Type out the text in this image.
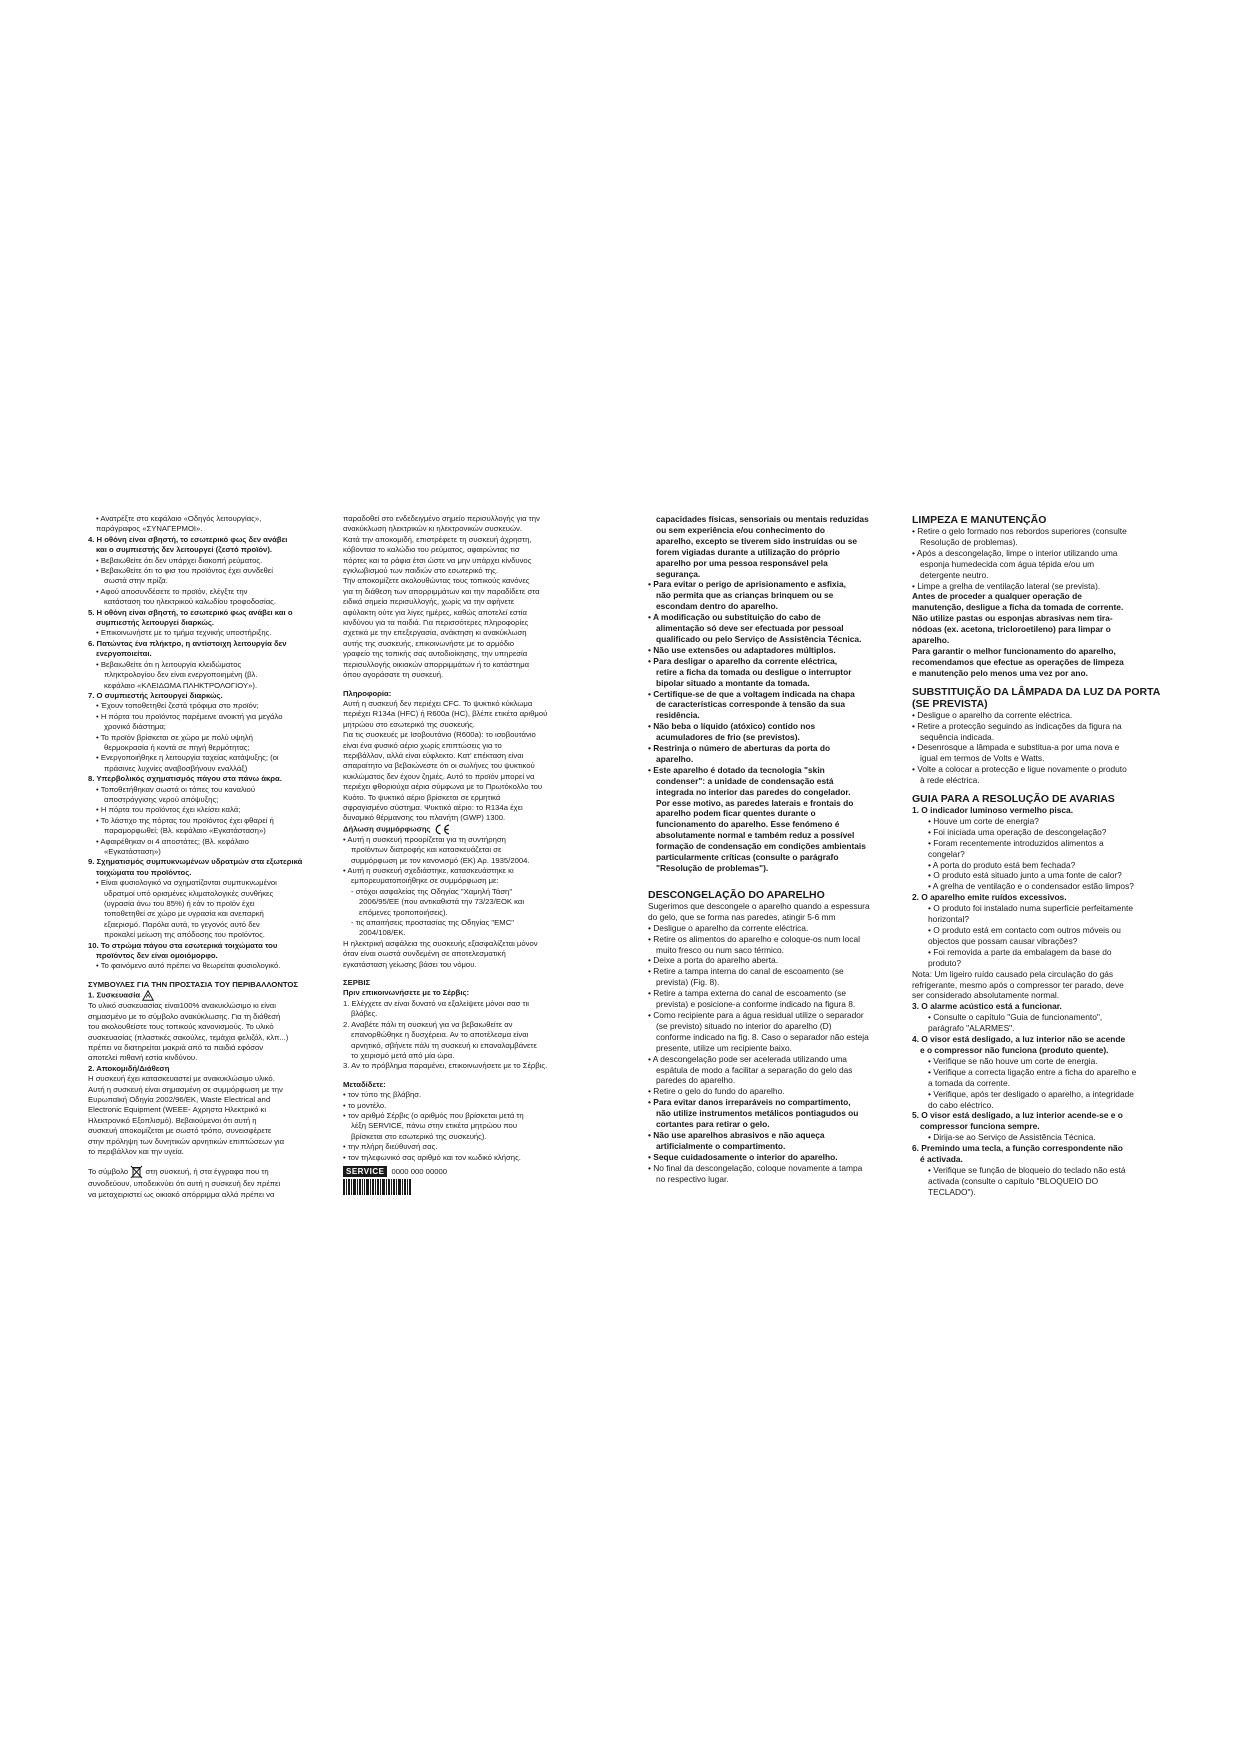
• Ανατρέξτε στο κεφάλαιο «Οδηγός λειτουργίας»,
παράγραφος «ΣΥΝΑΓΕΡΜΟΙ».
4. Η οθόνη είναι σβηστή, το εσωτερικό φως δεν ανάβει
και ο συμπιεστής δεν λειτουργεί (ζεστό προϊόν).
• Βεβαιωθείτε ότι δεν υπάρχει διακοπή ρεύματος.
• Βεβαιωθείτε ότι το φισ του προϊόντος έχει συνδεθεί
σωστά στην πρίζα.
• Αφού αποσυνδέσετε το προϊόν, ελέγξτε την
κατάσταση του ηλεκτρικού καλωδίου τροφοδοσίας.
5. Η οθόνη είναι σβηστή, το εσωτερικό φως ανάβει και ο
συμπιεστής λειτουργεί διαρκώς.
• Επικοινωνήστε με το τμήμα τεχνικής υποστήριξης.
6. Πατώντας ένα πλήκτρο, η αντίστοιχη λειτουργία δεν
ενεργοποιείται.
• Βεβαιωθείτε ότι η λειτουργία κλειδώματος
πληκτρολογίου δεν είναι ενεργοποιημένη (βλ.
κεφάλαιο «ΚΛΕΙΔΩΜΑ ΠΛΗΚΤΡΟΛΟΓΙΟΥ»).
7. Ο συμπιεστής λειτουργεί διαρκώς.
• Έχουν τοποθετηθεί ζεστά τρόφιμα στο προϊόν;
• Η πόρτα του προϊόντος παρέμεινε ανοικτή για μεγάλο
χρονικό διάστημα;
• Το προϊόν βρίσκεται σε χώρο με πολύ υψηλή
θερμοκρασία ή κοντά σε πηγή θερμότητας;
• Ενεργοποιήθηκε η λειτουργία ταχείας κατάψυξης; (οι
πράσινες λυχνίες αναβοσβήνουν εναλλάξ)
8. Υπερβολικός σχηματισμός πάγου στα πάνω άκρα.
• Τοποθετήθηκαν σωστά οι τάπες του καναλιού
αποστράγγισης νερού απόψυξης;
• Η πόρτα του προϊόντος έχει κλείσει καλά;
• Το λάστιχο της πόρτας του προϊόντος έχει φθαρεί ή
παραμορφωθεί; (Βλ. κεφάλαιο «Εγκατάσταση»)
• Αφαιρέθηκαν οι 4 αποστάτες; (Βλ. κεφάλαιο
«Εγκατάσταση»)
9. Σχηματισμός συμπυκνωμένων υδρατμών στα εξωτερικά
τοιχώματα του προϊόντος.
• Είναι φυσιολογικό να σχηματίζονται συμπυκνωμένοι
υδρατμοί υπό ορισμένες κλιματολογικές συνθήκες
(υγρασία άνω του 85%) ή εάν το προϊόν έχει
τοποθετηθεί σε χώρο με υγρασία και ανεπαρκή
εξαερισμό. Παρόλα αυτά, το γεγονός αυτό δεν
προκαλεί μείωση της απόδοσης του προϊόντος.
10. Το στρώμα πάγου στα εσωτερικά τοιχώματα του
προϊόντος δεν είναι ομοιόμορφο.
• Το φαινόμενο αυτό πρέπει να θεωρείται φυσιολογικό.
ΣΥΜΒΟΥΛΕΣ ΓΙΑ ΤΗΝ ΠΡΟΣΤΑΣΙΑ ΤΟΥ ΠΕΡΙΒΑΛΛΟΝΤΟΣ
1. Συσκευασία
Το υλικό συσκευασίας είναι100% ανακυκλώσιμο κι είναι
σημασμένο με το σύμβολο ανακύκλωσης. Για τη διάθεσή
του ακολουθείστε τους τοπικούς κανονισμούς. Το υλικό
συσκευασίας (πλαστικές σακούλες, τεμάχια φελιζόλ, κλπ...)
πρέπει να διατηρείται μακριά από τα παιδιά εφόσον
αποτελεί πιθανή εστία κινδύνου.
2. Αποκομιδή/Διάθεση
Η συσκευή έχει κατασκευαστεί με ανακυκλώσιμο υλικό.
Αυτή η συσκευή είναι σημασμένη σε συμμόρφωση με την
Ευρωπαϊκή Οδηγία 2002/96/ΕΚ, Waste Electrical and
Electronic Equipment (WEEE- Αχρηστα Ηλεκτρικό κι
Ηλεκτρονικό Εξοπλισμό). Βεβαιούμενοι ότι αυτή η
συσκευή αποκομίζεται με σωστό τρόπο, συνεισφέρετε
στην πρόληψη των δυνητικών αρνητικών επιπτώσεων για
το περιβάλλον και την υγεία.
Το σύμβολο  στη συσκευή, ή στα έγγραφα που τη
συνοδεύουν, υποδεικνύει ότι αυτή η συσκευή δεν πρέπει
να μεταχειριστεί ως οικιακό απόρριμμα αλλά πρέπει να
παραδοθεί στο ενδεδειγμένο σημείο περισυλλογής για την
ανακύκλωση ηλεκτρικών κι ηλεκτρονικών συσκευών.
Κατά την αποκομιδή, επιστρέφετε τη συσκευή άχρηστη,
κόβοντασ το καλώδιο του ρεύματος, αφαιρώντας τισ
πόρτες και τα ράφια έτσι ώστε να μην υπάρχει κίνδυνος
εγκλωβισμού των παιδιών στο εσωτερικό της.
Την αποκομίζετε ακολουθώντας τους τοπικούς κανόνες
για τη διάθεση των απορριμμάτων και την παραδίδετε στα
ειδικά σημεία περισυλλογής, χωρίς να την αφήνετε
αφύλακτη ούτε για λίγες ημέρες, καθώς αποτελεί εστία
κινδύνου για τα παιδιά. Για περισσότερες πληροφορίες
σχετικά με την επεξεργασία, ανάκτηση κι ανακύκλωση
αυτής της συσκευής, επικοινωνήστε με το αρμόδιο
γραφείο της τοπικής σας αυτοδιοίκησης, την υπηρεσία
περισυλλογής οικιακών απορριμμάτων ή το κατάστημα
όπου αγοράσατε τη συσκευή.
Πληροφορία:
Αυτή η συσκευή δεν περιέχει CFC. Το ψυκτικό κύκλωμα
περιέχει R134a (HFC) ή R600a (HC), βλέπε ετικέτα αριθμού
μητρώου στο εσωτερικό της συσκευής.
Για τις συσκευές με Ισοβουτάνιο (R600a): το ισοβουτάνιο
είναι ένα φυσικό αέριο χωρίς επιπτώσεις για το
περιβάλλον, αλλά είναι εύφλεκτο. Κατ' επέκταση είναι
απαραίτητο να βεβαιώνεστε ότι οι σωλήνες του ψυκτικού
κυκλώματος δεν έχουν ζημιές. Αυτό το προϊόν μπορεί να
περιέχει φθοριούχα αέρια σύμφωνα με το Πρωτόκολλο του
Κυότο. Το ψυκτικό αέριο βρίσκεται σε ερμητικά
σφραγισμένο σύστημα. Ψυκτικό αέριο: το R134a έχει
δυναμικό θέρμανσης του πλανήτη (GWP) 1300.
Δήλωση συμμόρφωσης
• Αυτή η συσκευή προορίζεται για τη συντήρηση
προϊόντων διατροφής και κατασκευάζεται σε
συμμόρφωση με τον κανονισμό (ΕΚ) Αρ. 1935/2004.
• Αυτή η συσκευή σχεδιάστηκε, κατασκευάστηκε κι
εμπορευματοποιήθηκε σε συμμόρφωση με:
- στόχοι ασφαλείας της Οδηγίας "Χαμηλή Τάση"
2006/95/ΕΕ (που αντικαθιστά την 73/23/ΕΟΚ και
επόμενες τροποποιήσεις).
- τις απαιτήσεις προστασίας της Οδηγίας "EMC"
2004/108/ΕΚ.
Η ηλεκτρική ασφάλεια της συσκευής εξασφαλίζεται μόνον
όταν είναι σωστά συνδεμένη σε αποτελεσματική
εγκατάσταση γείωσης βάσει του νόμου.
ΣΕΡΒΙΣ
Πριν επικοινωνήσετε με το Σέρβις:
1. Ελέγχετε αν είναι δυνατό να εξαλείψετε μόνοι σασ τιι
βλάβες.
2. Αναβέτε πάλι τη συσκευή για να βεβαιωθείτε αν
επανορθώθηκε η δυσχέρεια. Αν το αποτέλεσμα είναι
αρνητικό, σβήνετε πάλι τη συσκευή κι επαναλαμβάνετε
το χειρισμό μετά από μία ώρα.
3. Αν το πρόβλημα παραμένει, επικοινωνήσετε με το Σέρβις.
Μεταδίδετε:
• τον τύπο της βλάβησ.
• το μοντέλο.
• τον αριθμό Σέρβις (o αριθμός που βρίσκεται μετά τη
λέξη SERVICE, πάνω στην ετικέτα μητρώου που
βρίσκεται στο εσωτερικό της συσκευής).
• την πλήρη διεύθυνσή σας.
• τον τηλεφωνικό σας αριθμό και τον κωδικό κλήσης.
SERVICE 0000 000 00000
capacidades físicas, sensoriais ou mentais reduzidas
ou sem experiência e/ou conhecimento do
aparelho, excepto se tiverem sido instruídas ou se
forem vigiadas durante a utilização do próprio
aparelho por uma pessoa responsável pela
segurança.
• Para evitar o perigo de aprisionamento e asfixia,
não permita que as crianças brinquem ou se
escondam dentro do aparelho.
• A modificação ou substituição do cabo de
alimentação só deve ser efectuada por pessoal
qualificado ou pelo Serviço de Assistência Técnica.
• Não use extensões ou adaptadores múltiplos.
• Para desligar o aparelho da corrente eléctrica,
retire a ficha da tomada ou desligue o interruptor
bipolar situado a montante da tomada.
• Certifique-se de que a voltagem indicada na chapa
de características corresponde à tensão da sua
residência.
• Não beba o líquido (atóxico) contido nos
acumuladores de frio (se previstos).
• Restrinja o número de aberturas da porta do
aparelho.
• Este aparelho é dotado da tecnologia "skin
condenser": a unidade de condensação está
integrada no interior das paredes do congelador.
Por esse motivo, as paredes laterais e frontais do
aparelho podem ficar quentes durante o
funcionamento do aparelho. Esse fenómeno é
absolutamente normal e também reduz a possível
formação de condensação em condições ambientais
particularmente críticas (consulte o parágrafo
"Resolução de problemas").
DESCONGELAÇÃO DO APARELHO
Sugerimos que descongele o aparelho quando a espessura
do gelo, que se forma nas paredes, atingir 5-6 mm
• Desligue o aparelho da corrente eléctrica.
• Retire os alimentos do aparelho e coloque-os num local
muito fresco ou num saco térmico.
• Deixe a porta do aparelho aberta.
• Retire a tampa interna do canal de escoamento (se
prevista) (Fig. 8).
• Retire a tampa externa do canal de escoamento (se
prevista) e posicione-a conforme indicado na figura 8.
• Como recipiente para a água residual utilize o separador
(se previsto) situado no interior do aparelho (D)
conforme indicado na fig. 8. Caso o separador não esteja
presente, utilize um recipiente baixo.
• A descongelação pode ser acelerada utilizando uma
espátula de modo a facilitar a separação do gelo das
paredes do aparelho.
• Retire o gelo do fundo do aparelho.
• Para evitar danos irreparáveis no compartimento,
não utilize instrumentos metálicos pontiagudos ou
cortantes para retirar o gelo.
• Não use aparelhos abrasivos e não aqueça
artificialmente o compartimento.
• Seque cuidadosamente o interior do aparelho.
• No final da descongelação, coloque novamente a tampa
no respectivo lugar.
LIMPEZA E MANUTENÇÃO
• Retire o gelo formado nos rebordos superiores (consulte
Resolução de problemas).
• Após a descongelação, limpe o interior utilizando uma
esponja humedecida com água tépida e/ou um
detergente neutro.
• Limpe a grelha de ventilação lateral (se prevista).
Antes de proceder a qualquer operação de
manutenção, desligue a ficha da tomada de corrente.
Não utilize pastas ou esponjas abrasivas nem tira-
nódoas (ex. acetona, tricloroetileno) para limpar o
aparelho.
Para garantir o melhor funcionamento do aparelho,
recomendamos que efectue as operações de limpeza
e manutenção pelo menos uma vez por ano.
SUBSTITUIÇÃO DA LÂMPADA DA LUZ DA PORTA
(SE PREVISTA)
• Desligue o aparelho da corrente eléctrica.
• Retire a protecção seguindo as indicações da figura na
sequência indicada.
• Desenrosque a lâmpada e substitua-a por uma nova e
igual em termos de Volts e Watts.
• Volte a colocar a protecção e ligue novamente o produto
à rede eléctrica.
GUIA PARA A RESOLUÇÃO DE AVARIAS
1. O indicador luminoso vermelho pisca.
• Houve um corte de energia?
• Foi iniciada uma operação de descongelação?
• Foram recentemente introduzidos alimentos a
congelar?
• A porta do produto está bem fechada?
• O produto está situado junto a uma fonte de calor?
• A grelha de ventilação e o condensador estão limpos?
2. O aparelho emite ruídos excessivos.
• O produto foi instalado numa superfície perfeitamente
horizontal?
• O produto está em contacto com outros móveis ou
objectos que possam causar vibrações?
• Foi removida a parte da embalagem da base do
produto?
Nota: Um ligeiro ruído causado pela circulação do gás
refrigerante, mesmo após o compressor ter parado, deve
ser considerado absolutamente normal.
3. O alarme acústico está a funcionar.
• Consulte o capítulo "Guia de funcionamento",
parágrafo "ALARMES".
4. O visor está desligado, a luz interior não se acende
e o compressor não funciona (produto quente).
• Verifique se não houve um corte de energia.
• Verifique a correcta ligação entre a ficha do aparelho e
a tomada da corrente.
• Verifique, após ter desligado o aparelho, a integridade
do cabo eléctrico.
5. O visor está desligado, a luz interior acende-se e o
compressor funciona sempre.
• Dirija-se ao Serviço de Assistência Técnica.
6. Premindo uma tecla, a função correspondente não
é activada.
• Verifique se função de bloqueio do teclado não está
activada (consulte o capítulo "BLOQUEIO DO
TECLADO").
